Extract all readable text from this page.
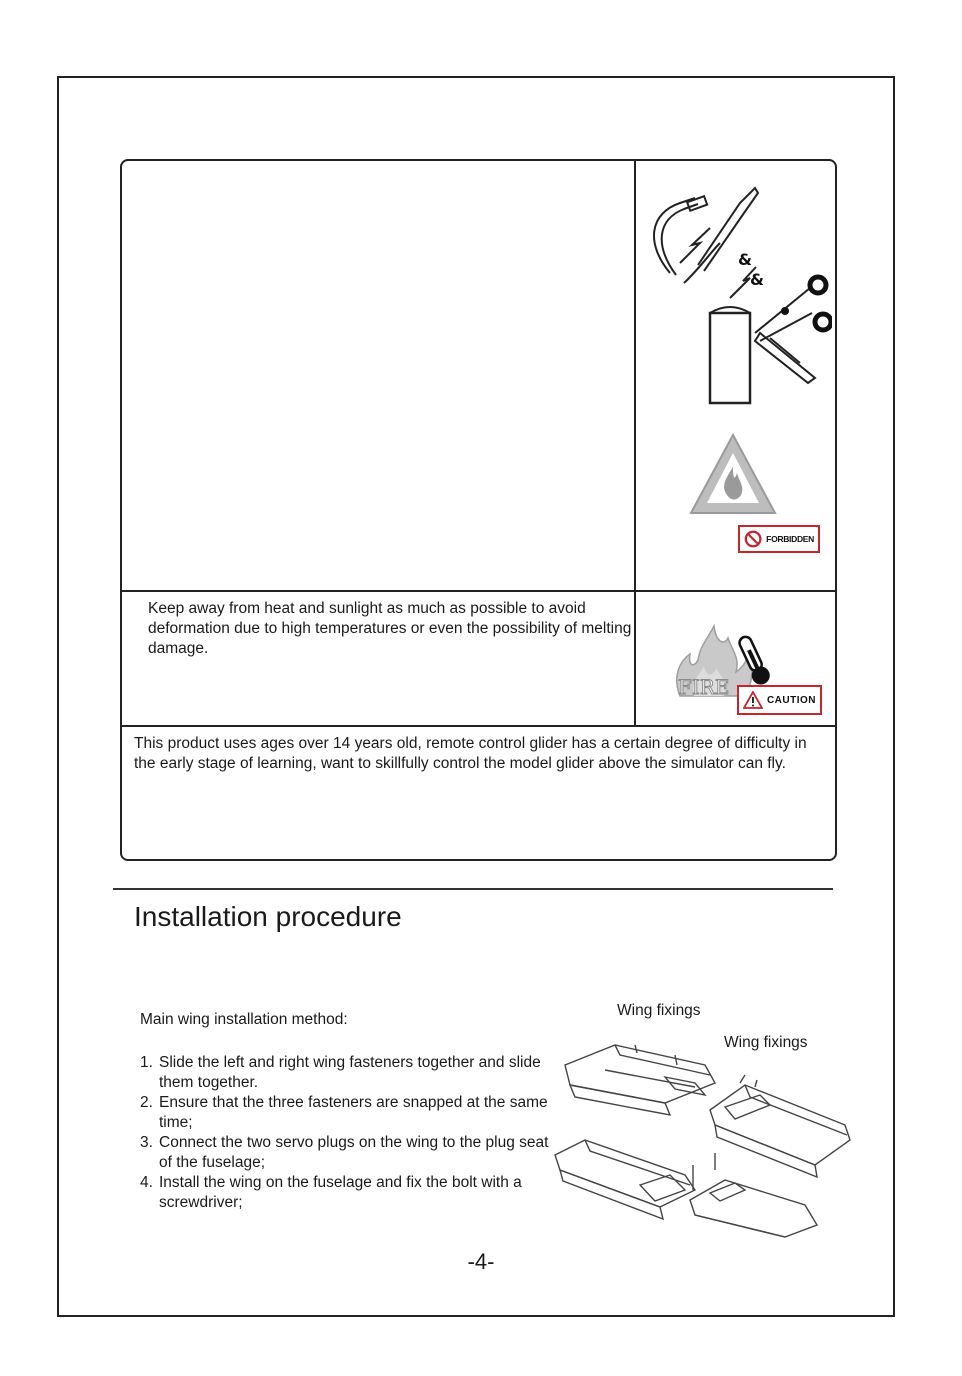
Keep away from heat and sunlight as much as possible to avoid deformation due to high temperatures or even the possibility of melting damage.
This product uses ages over 14 years old, remote control glider has a certain degree of difficulty in the early stage of learning, want to skillfully control the model glider above the simulator can fly.
&
&
FORBIDDEN
FIRE
CAUTION
Installation procedure
Main wing installation method:
1. Slide the left and right wing fasteners together and slide them together.
2. Ensure that the three fasteners are snapped at the same time;
3. Connect the two servo plugs on the wing to the plug seat of the fuselage;
4. Install the wing on the fuselage and fix the bolt with a screwdriver;
Wing fixings
Wing fixings
-4-
